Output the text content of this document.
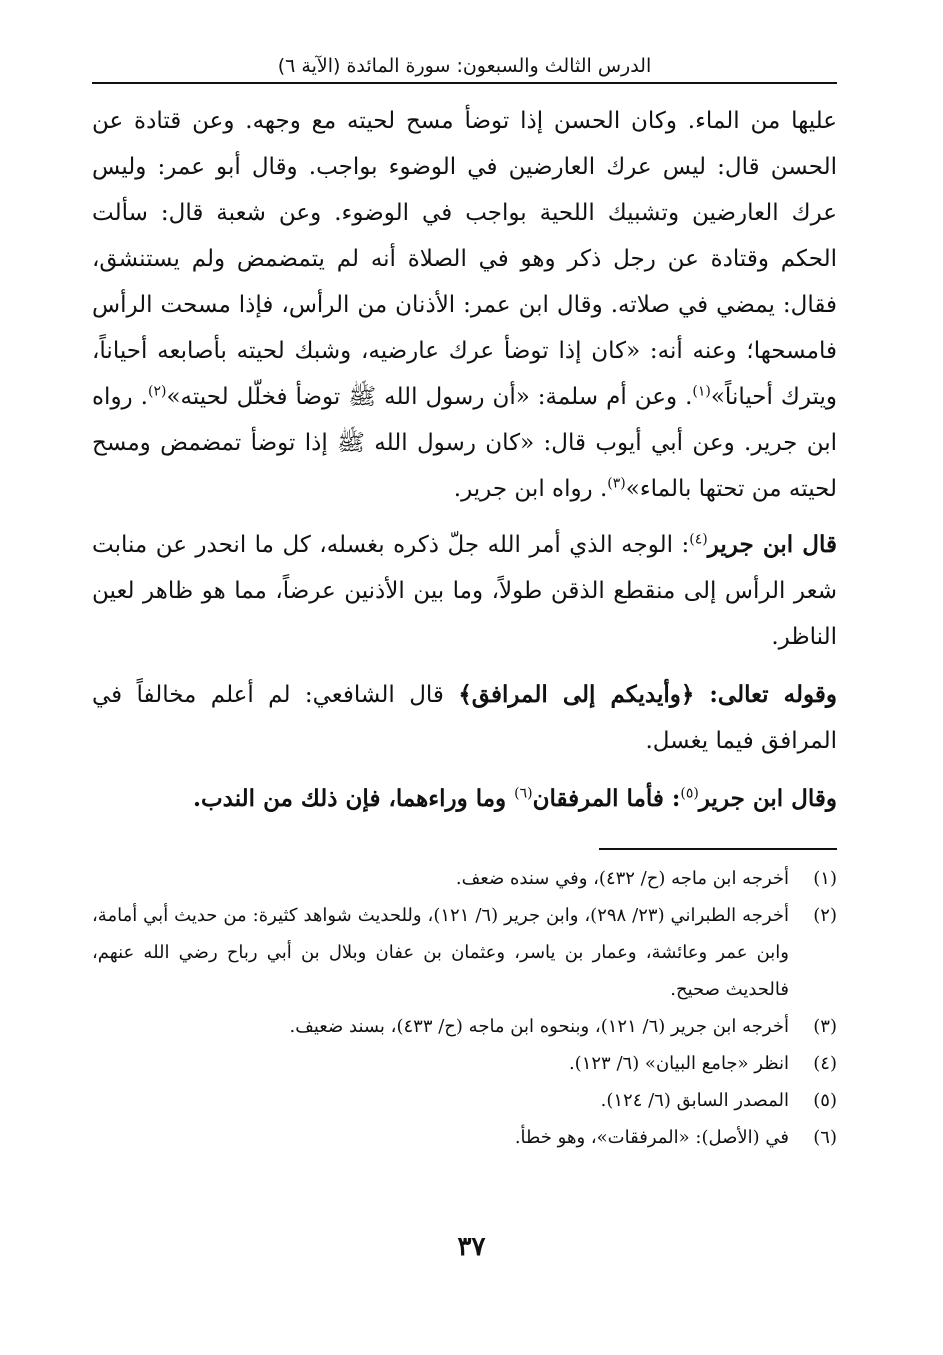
الدرس الثالث والسبعون: سورة المائدة (الآية ٦)

عليها من الماء. وكان الحسن إذا توضأ مسح لحيته مع وجهه. وعن قتادة عن الحسن قال: ليس عرك العارضين في الوضوء بواجب. وقال أبو عمر: وليس عرك العارضين وتشبيك اللحية بواجب في الوضوء. وعن شعبة قال: سألت الحكم وقتادة عن رجل ذكر وهو في الصلاة أنه لم يتمضمض ولم يستنشق، فقال: يمضي في صلاته. وقال ابن عمر: الأذنان من الرأس، فإذا مسحت الرأس فامسحها؛ وعنه أنه: «كان إذا توضأ عرك عارضيه، وشبك لحيته بأصابعه أحياناً، ويترك أحياناً»$^{(١)}$. وعن أم سلمة: «أن رسول الله ﷺ توضأ فخلّل لحيته»$^{(٢)}$. رواه ابن جرير. وعن أبي أيوب قال: «كان رسول الله ﷺ إذا توضأ تمضمض ومسح لحيته من تحتها بالماء»$^{(٣)}$. رواه ابن جرير.

قال ابن جرير$^{(٤)}$: الوجه الذي أمر الله جلّ ذكره بغسله، كل ما انحدر عن منابت شعر الرأس إلى منقطع الذقن طولاً، وما بين الأذنين عرضاً، مما هو ظاهر لعين الناظر.

وقوله تعالى: ﴿وأيديكم إلى المرافق﴾ قال الشافعي: لم أعلم مخالفاً في المرافق فيما يغسل.

وقال ابن جرير$^{(٥)}$: فأما المرفقان$^{(٦)}$ وما وراءهما، فإن ذلك من الندب.

(١)
أخرجه ابن ماجه (ح/ ٤٣٢)، وفي سنده ضعف.
(٢)
أخرجه الطبراني (٢٣/ ٢٩٨)، وابن جرير (٦/ ١٢١)، وللحديث شواهد كثيرة: من حديث أبي أمامة، وابن عمر وعائشة، وعمار بن ياسر، وعثمان بن عفان وبلال بن أبي رباح رضي الله عنهم، فالحديث صحيح.
(٣)
أخرجه ابن جرير (٦/ ١٢١)، وبنحوه ابن ماجه (ح/ ٤٣٣)، بسند ضعيف.
(٤)
انظر «جامع البيان» (٦/ ١٢٣).
(٥)
المصدر السابق (٦/ ١٢٤).
(٦)
في (الأصل): «المرفقات»، وهو خطأ.
٣٧
